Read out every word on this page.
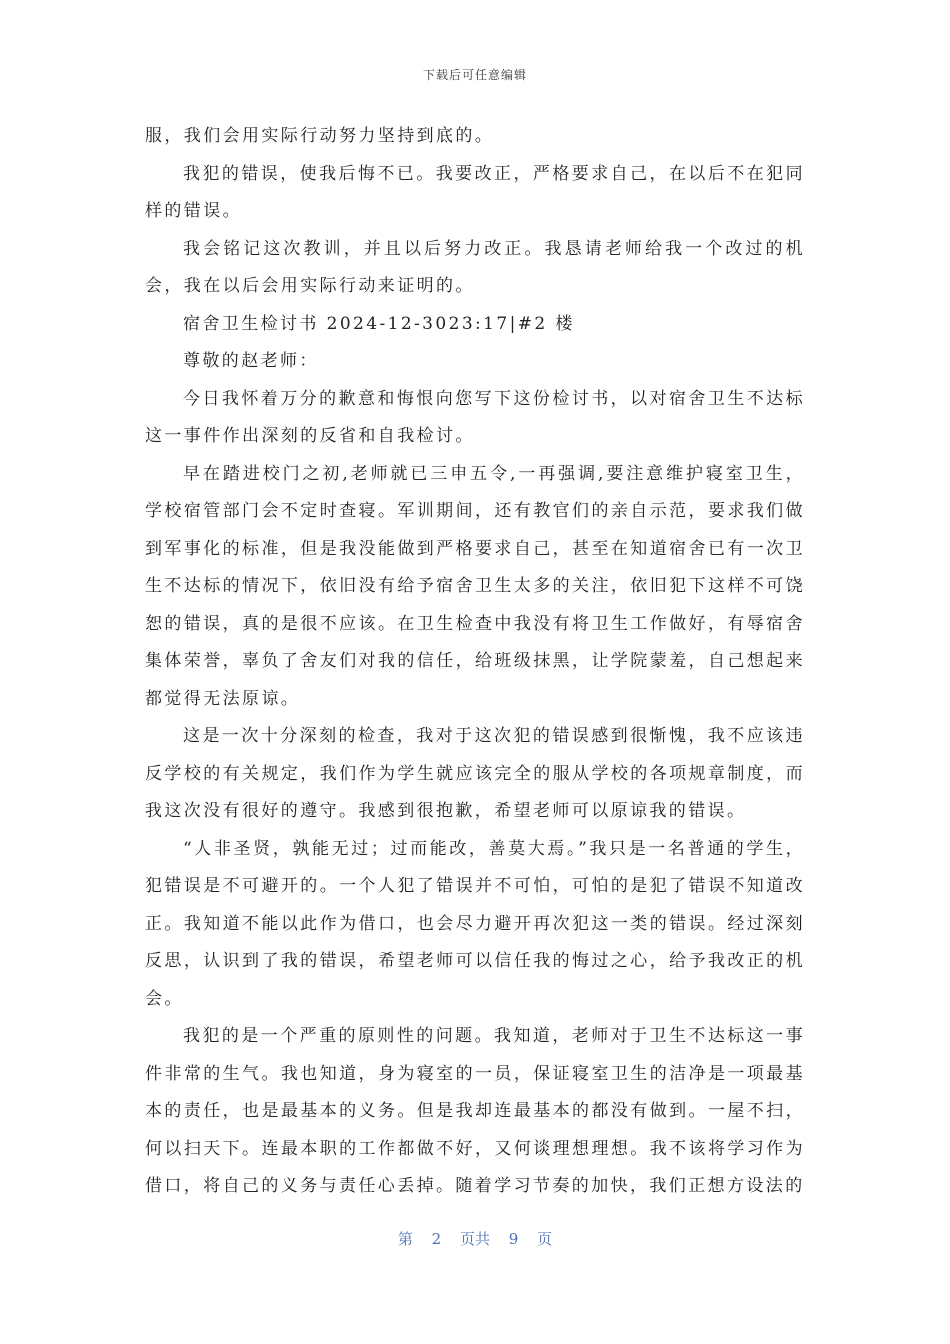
下载后可任意编辑

服，我们会用实际行动努力坚持到底的。

我犯的错误，使我后悔不已。我要改正，严格要求自己，在以后不在犯同样的错误。

我会铭记这次教训，并且以后努力改正。我恳请老师给我一个改过的机会，我在以后会用实际行动来证明的。

宿舍卫生检讨书 2024-12-3023:17|#2 楼

尊敬的赵老师：

今日我怀着万分的歉意和悔恨向您写下这份检讨书，以对宿舍卫生不达标这一事件作出深刻的反省和自我检讨。

早在踏进校门之初,老师就已三申五令,一再强调,要注意维护寝室卫生，学校宿管部门会不定时查寝。军训期间，还有教官们的亲自示范，要求我们做到军事化的标准，但是我没能做到严格要求自己，甚至在知道宿舍已有一次卫生不达标的情况下，依旧没有给予宿舍卫生太多的关注，依旧犯下这样不可饶恕的错误，真的是很不应该。在卫生检查中我没有将卫生工作做好，有辱宿舍集体荣誉，辜负了舍友们对我的信任，给班级抹黑，让学院蒙羞，自己想起来都觉得无法原谅。

这是一次十分深刻的检查，我对于这次犯的错误感到很惭愧，我不应该违反学校的有关规定，我们作为学生就应该完全的服从学校的各项规章制度，而我这次没有很好的遵守。我感到很抱歉，希望老师可以原谅我的错误。

“人非圣贤，孰能无过；过而能改，善莫大焉。”我只是一名普通的学生，犯错误是不可避开的。一个人犯了错误并不可怕，可怕的是犯了错误不知道改正。我知道不能以此作为借口，也会尽力避开再次犯这一类的错误。经过深刻反思，认识到了我的错误，希望老师可以信任我的悔过之心，给予我改正的机会。

我犯的是一个严重的原则性的问题。我知道，老师对于卫生不达标这一事件非常的生气。我也知道，身为寝室的一员，保证寝室卫生的洁净是一项最基本的责任，也是最基本的义务。但是我却连最基本的都没有做到。一屋不扫，何以扫天下。连最本职的工作都做不好，又何谈理想理想。我不该将学习作为借口，将自己的义务与责任心丢掉。随着学习节奏的加快，我们正想方设法的

第 2 页共 9 页
